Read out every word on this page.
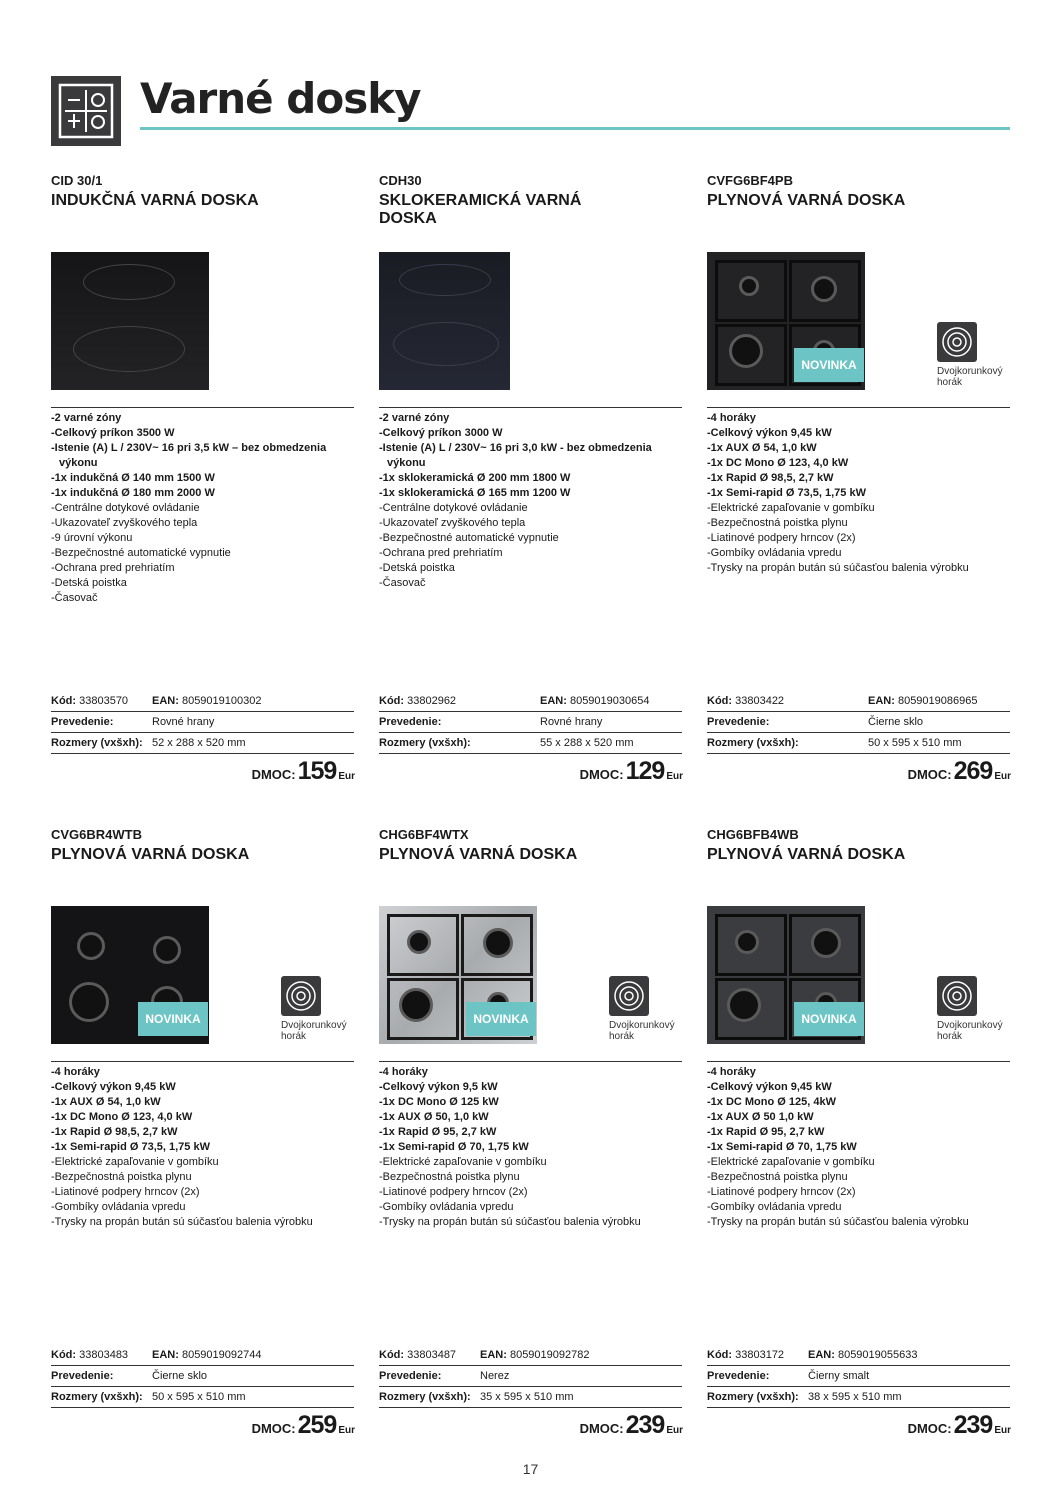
Varné dosky
CID 30/1
INDUKČNÁ VARNÁ DOSKA
-2 varné zóny
-Celkový príkon 3500 W
-Istenie (A) L / 230V~ 16 pri 3,5 kW – bez obmedzenia
výkonu
-1x indukčná Ø 140 mm 1500 W
-1x indukčná Ø 180 mm 2000 W
-Centrálne dotykové ovládanie
-Ukazovateľ zvyškového tepla
-9 úrovní výkonu
-Bezpečnostné automatické vypnutie
-Ochrana pred prehriatím
-Detská poistka
-Časovač
Kód: 33803570 EAN: 8059019100302
Prevedenie:	Rovné hrany
Rozmery (vxšxh): 52 x 288 x 520 mm
DMOC: 159 Eur
CDH30
SKLOKERAMICKÁ VARNÁ DOSKA
-2 varné zóny
-Celkový príkon 3000 W
-Istenie (A) L / 230V~ 16 pri 3,0 kW - bez obmedzenia
výkonu
-1x sklokeramická Ø 200 mm 1800 W
-1x sklokeramická Ø 165 mm 1200 W
-Centrálne dotykové ovládanie
-Ukazovateľ zvyškového tepla
-Bezpečnostné automatické vypnutie
-Ochrana pred prehriatím
-Detská poistka
-Časovač
Kód: 33802962	EAN: 8059019030654
Prevedenie:	Rovné hrany
Rozmery (vxšxh):	55 x 288 x 520 mm
DMOC: 129 Eur
CVFG6BF4PB
PLYNOVÁ VARNÁ DOSKA
NOVINKA	Dvojkorunkový horák
-4 horáky
-Celkový výkon 9,45 kW
-1x AUX Ø 54, 1,0 kW
-1x DC Mono Ø 123, 4,0 kW
-1x Rapid Ø 98,5, 2,7 kW
-1x Semi-rapid Ø 73,5, 1,75 kW
-Elektrické zapaľovanie v gombíku
-Bezpečnostná poistka plynu
-Liatinové podpery hrncov (2x)
-Gombíky ovládania vpredu
-Trysky na propán bután sú súčasťou balenia výrobku
Kód: 33803422	EAN: 8059019086965
Prevedenie:	Čierne sklo
Rozmery (vxšxh):	50 x 595 x 510 mm
DMOC: 269 Eur
CVG6BR4WTB
PLYNOVÁ VARNÁ DOSKA
NOVINKA	Dvojkorunkový horák
-4 horáky
-Celkový výkon 9,45 kW
-1x AUX Ø 54, 1,0 kW
-1x DC Mono Ø 123, 4,0 kW
-1x Rapid Ø 98,5, 2,7 kW
-1x Semi-rapid Ø 73,5, 1,75 kW
-Elektrické zapaľovanie v gombíku
-Bezpečnostná poistka plynu
-Liatinové podpery hrncov (2x)
-Gombíky ovládania vpredu
-Trysky na propán bután sú súčasťou balenia výrobku
Kód: 33803483 EAN: 8059019092744
Prevedenie:	Čierne sklo
Rozmery (vxšxh): 50 x 595 x 510 mm
DMOC: 259 Eur
CHG6BF4WTX
PLYNOVÁ VARNÁ DOSKA
NOVINKA	Dvojkorunkový horák
-4 horáky
-Celkový výkon 9,5 kW
-1x DC Mono Ø 125 kW
-1x AUX Ø 50, 1,0 kW
-1x Rapid Ø 95, 2,7 kW
-1x Semi-rapid Ø 70, 1,75 kW
-Elektrické zapaľovanie v gombíku
-Bezpečnostná poistka plynu
-Liatinové podpery hrncov (2x)
-Gombíky ovládania vpredu
-Trysky na propán bután sú súčasťou balenia výrobku
Kód: 33803487 EAN: 8059019092782
Prevedenie:	Nerez
Rozmery (vxšxh): 35 x 595 x 510 mm
DMOC: 239 Eur
CHG6BFB4WB
PLYNOVÁ VARNÁ DOSKA
NOVINKA	Dvojkorunkový horák
-4 horáky
-Celkový výkon 9,45 kW
-1x DC Mono Ø 125, 4kW
-1x AUX Ø 50 1,0 kW
-1x Rapid Ø 95, 2,7 kW
-1x Semi-rapid Ø 70, 1,75 kW
-Elektrické zapaľovanie v gombíku
-Bezpečnostná poistka plynu
-Liatinové podpery hrncov (2x)
-Gombíky ovládania vpredu
-Trysky na propán bután sú súčasťou balenia výrobku
Kód: 33803172 EAN: 8059019055633
Prevedenie:	Čierny smalt
Rozmery (vxšxh): 38 x 595 x 510 mm
DMOC: 239 Eur
17
